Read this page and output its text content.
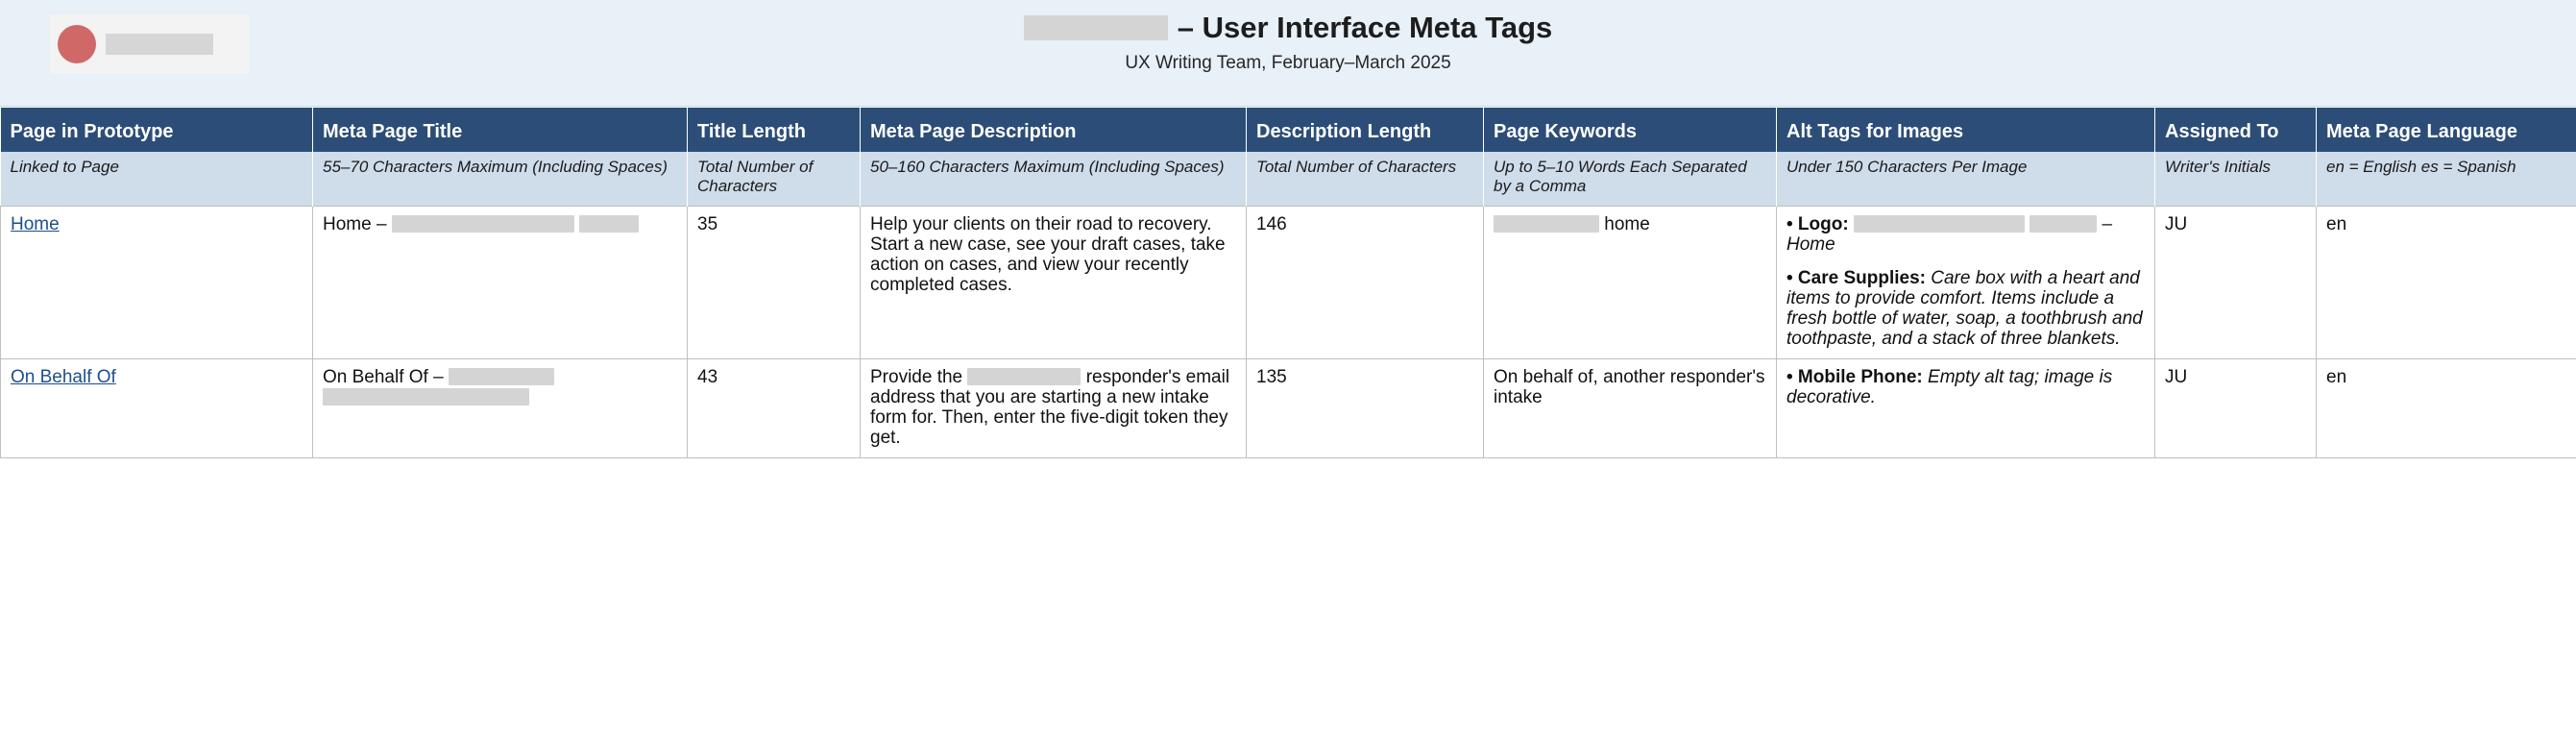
– User Interface Meta Tags
UX Writing Team, February–March 2025
Page in Prototype	Meta Page Title	Title Length	Meta Page Description	Description Length	Page Keywords	Alt Tags for Images	Assigned To	Meta Page Language
Linked to Page	55–70 Characters Maximum (Including Spaces)	Total Number of Characters	50–160 Characters Maximum (Including Spaces)	Total Number of Characters	Up to 5–10 Words Each Separated by a Comma	Under 150 Characters Per Image	Writer's Initials	en = English es = Spanish
Home	Home –	35	Help your clients on their road to recovery. Start a new case, see your draft cases, take action on cases, and view your recently completed cases.	146	home	• Logo: – Home
• Care Supplies: Care box with a heart and items to provide comfort. Items include a fresh bottle of water, soap, a toothbrush and toothpaste, and a stack of three blankets.	JU	en
On Behalf Of	On Behalf Of –	43	Provide the responder's email address that you are starting a new intake form for. Then, enter the five-digit token they get.	135	On behalf of, another responder's intake	• Mobile Phone: Empty alt tag; image is decorative.	JU	en
